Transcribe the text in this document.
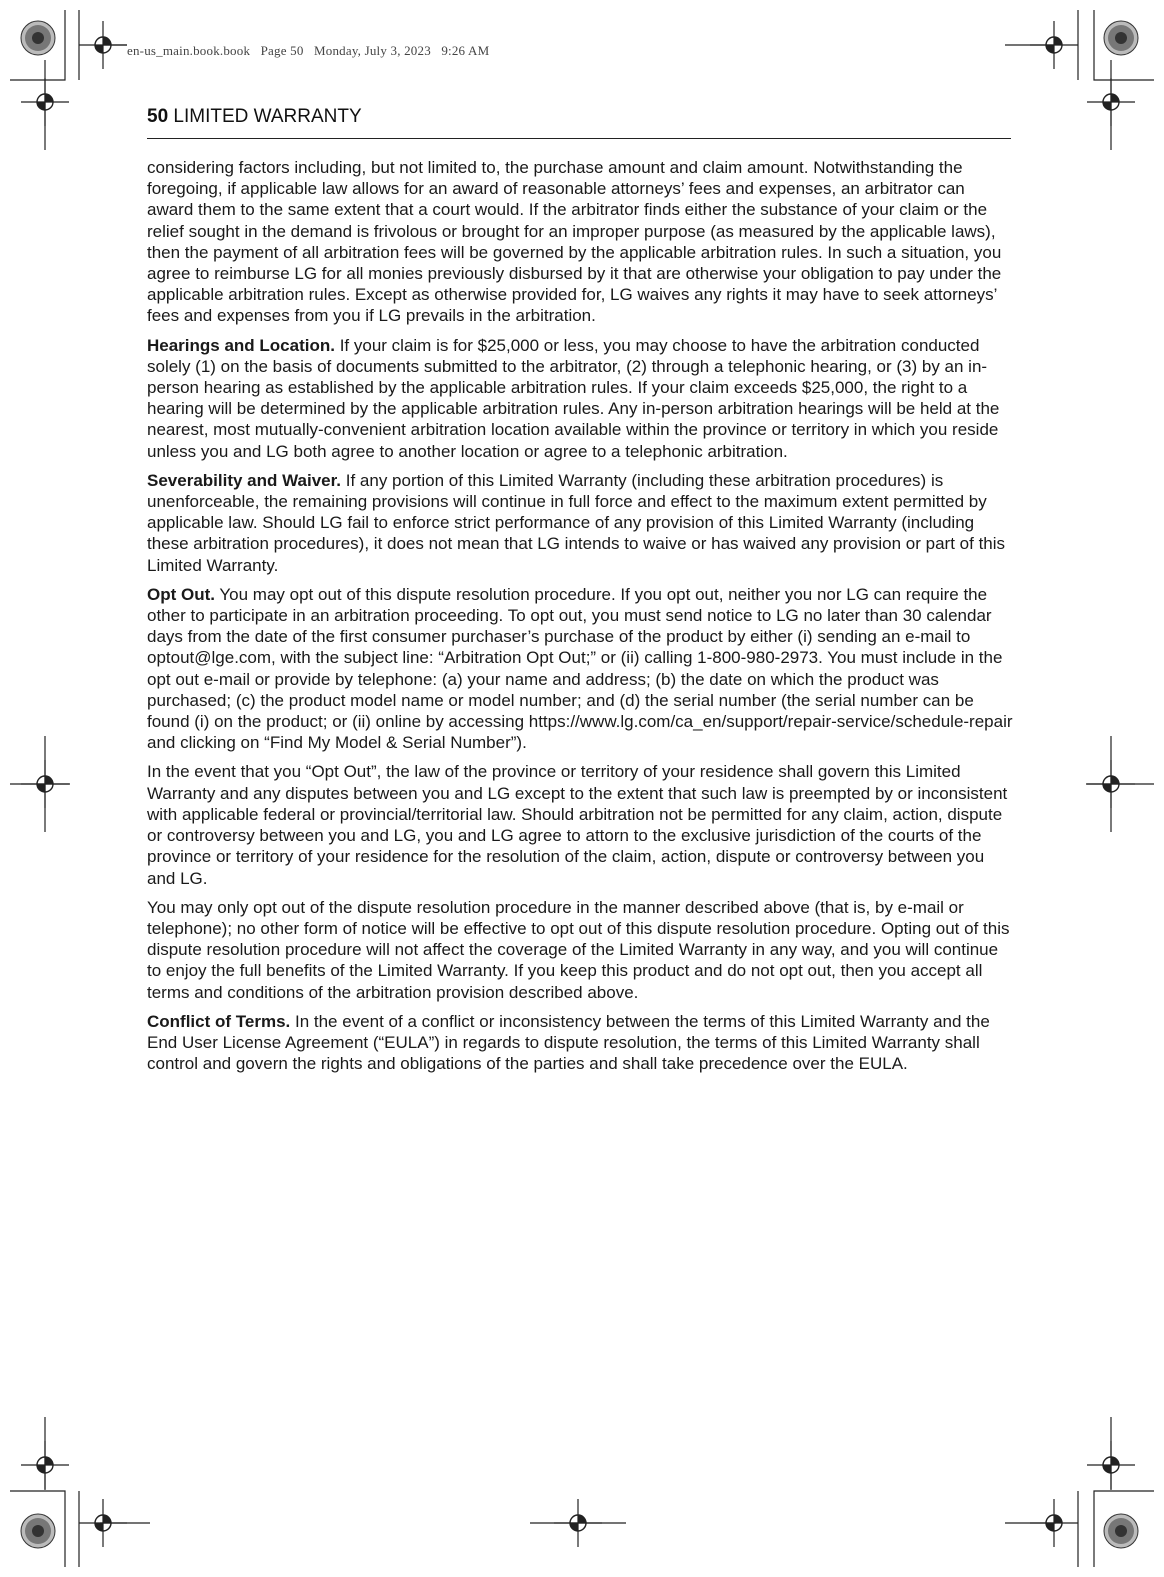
en-us_main.book.book Page 50 Monday, July 3, 2023 9:26 AM
50 LIMITED WARRANTY

considering factors including, but not limited to, the purchase amount and claim amount. Notwithstanding the foregoing, if applicable law allows for an award of reasonable attorneys’ fees and expenses, an arbitrator can award them to the same extent that a court would. If the arbitrator finds either the substance of your claim or the relief sought in the demand is frivolous or brought for an improper purpose (as measured by the applicable laws), then the payment of all arbitration fees will be governed by the applicable arbitration rules. In such a situation, you agree to reimburse LG for all monies previously disbursed by it that are otherwise your obligation to pay under the applicable arbitration rules. Except as otherwise provided for, LG waives any rights it may have to seek attorneys’ fees and expenses from you if LG prevails in the arbitration.

Hearings and Location. If your claim is for $25,000 or less, you may choose to have the arbitration conducted solely (1) on the basis of documents submitted to the arbitrator, (2) through a telephonic hearing, or (3) by an in-person hearing as established by the applicable arbitration rules. If your claim exceeds $25,000, the right to a hearing will be determined by the applicable arbitration rules. Any in-person arbitration hearings will be held at the nearest, most mutually-convenient arbitration location available within the province or territory in which you reside unless you and LG both agree to another location or agree to a telephonic arbitration.

Severability and Waiver. If any portion of this Limited Warranty (including these arbitration procedures) is unenforceable, the remaining provisions will continue in full force and effect to the maximum extent permitted by applicable law. Should LG fail to enforce strict performance of any provision of this Limited Warranty (including these arbitration procedures), it does not mean that LG intends to waive or has waived any provision or part of this Limited Warranty.

Opt Out. You may opt out of this dispute resolution procedure. If you opt out, neither you nor LG can require the other to participate in an arbitration proceeding. To opt out, you must send notice to LG no later than 30 calendar days from the date of the first consumer purchaser’s purchase of the product by either (i) sending an e-mail to optout@lge.com, with the subject line: “Arbitration Opt Out;” or (ii) calling 1-800-980-2973. You must include in the opt out e-mail or provide by telephone: (a) your name and address; (b) the date on which the product was purchased; (c) the product model name or model number; and (d) the serial number (the serial number can be found (i) on the product; or (ii) online by accessing https://www.lg.com/ca_en/support/repair-service/schedule-repair and clicking on “Find My Model & Serial Number”).

In the event that you “Opt Out”, the law of the province or territory of your residence shall govern this Limited Warranty and any disputes between you and LG except to the extent that such law is preempted by or inconsistent with applicable federal or provincial/territorial law. Should arbitration not be permitted for any claim, action, dispute or controversy between you and LG, you and LG agree to attorn to the exclusive jurisdiction of the courts of the province or territory of your residence for the resolution of the claim, action, dispute or controversy between you and LG.

You may only opt out of the dispute resolution procedure in the manner described above (that is, by e-mail or telephone); no other form of notice will be effective to opt out of this dispute resolution procedure. Opting out of this dispute resolution procedure will not affect the coverage of the Limited Warranty in any way, and you will continue to enjoy the full benefits of the Limited Warranty. If you keep this product and do not opt out, then you accept all terms and conditions of the arbitration provision described above.

Conflict of Terms. In the event of a conflict or inconsistency between the terms of this Limited Warranty and the End User License Agreement (“EULA”) in regards to dispute resolution, the terms of this Limited Warranty shall control and govern the rights and obligations of the parties and shall take precedence over the EULA.
